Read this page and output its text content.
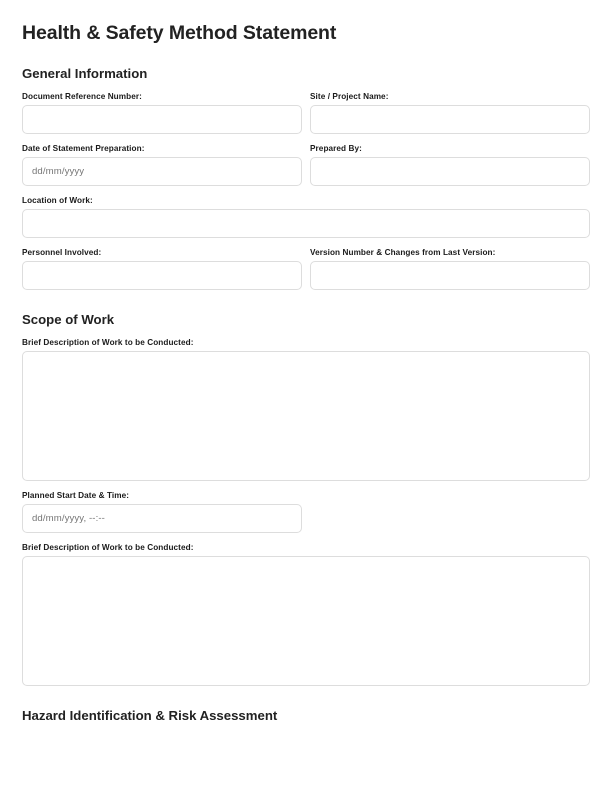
Health & Safety Method Statement
General Information
Document Reference Number:	Site / Project Name:
Date of Statement Preparation:
dd/mm/yyyy
Prepared By:
Location of Work:
Personnel Involved:	Version Number & Changes from Last Version:
Scope of Work
Brief Description of Work to be Conducted:
Planned Start Date & Time:
dd/mm/yyyy, --:--
Brief Description of Work to be Conducted:
Hazard Identification & Risk Assessment
